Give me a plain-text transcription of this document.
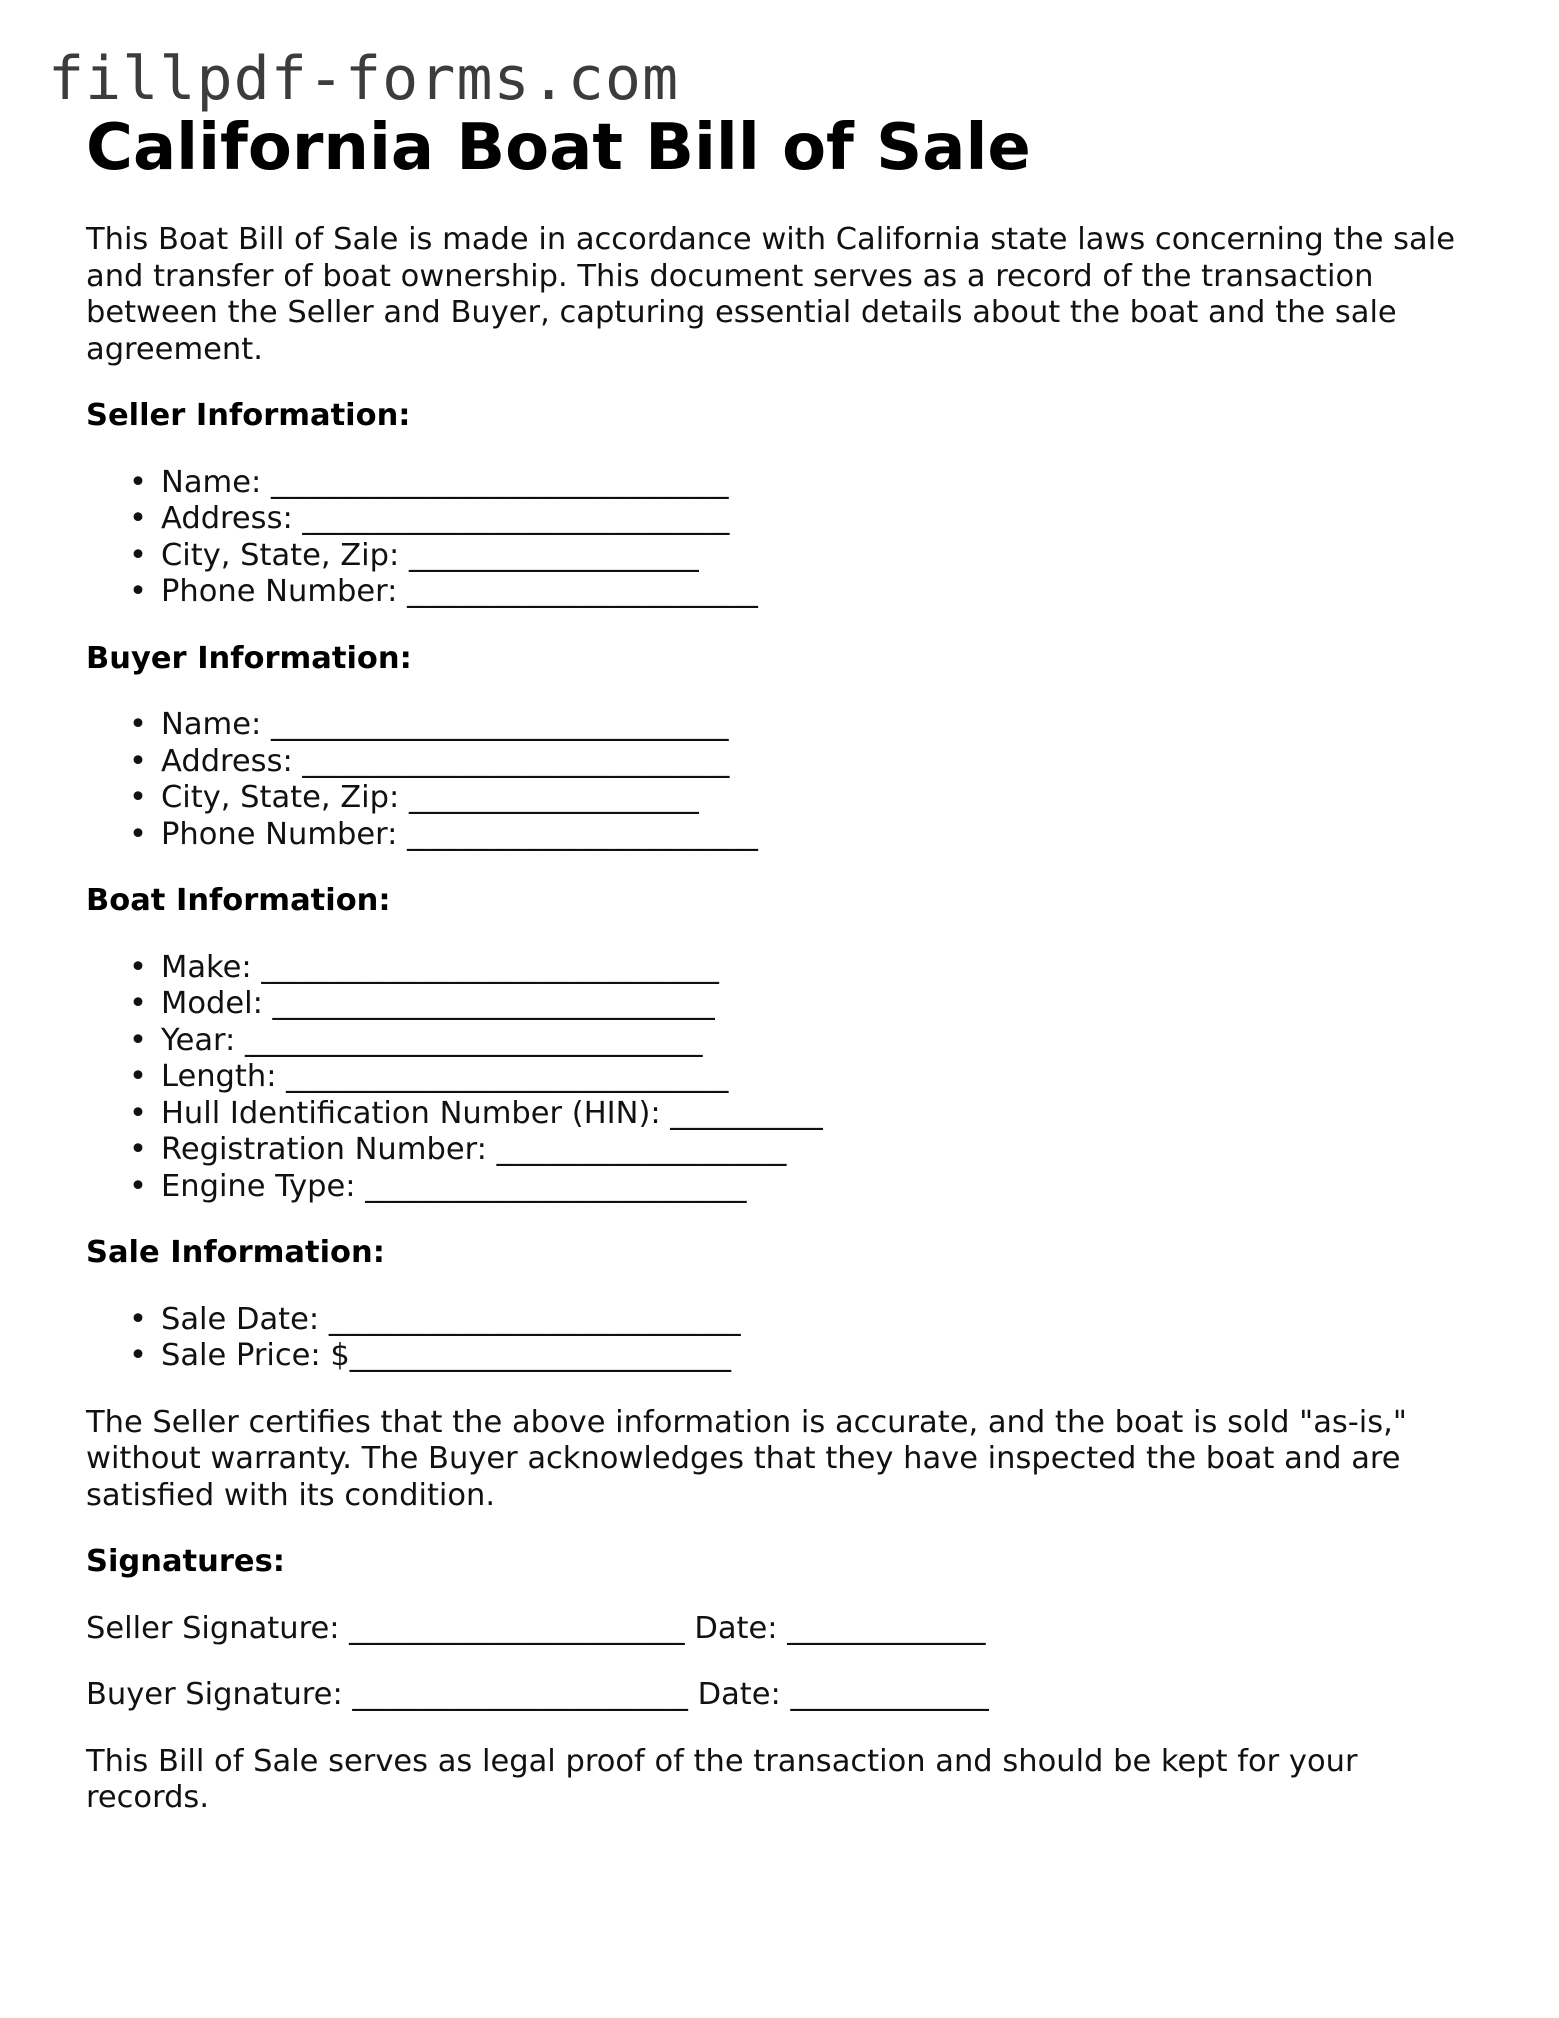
fillpdf-forms.com
California Boat Bill of Sale

This Boat Bill of Sale is made in accordance with California state laws concerning the sale and transfer of boat ownership. This document serves as a record of the transaction between the Seller and Buyer, capturing essential details about the boat and the sale agreement.

Seller Information:
• Name: ______________________________
• Address: ____________________________
• City, State, Zip: ___________________
• Phone Number: _______________________
Buyer Information:
• Name: ______________________________
• Address: ____________________________
• City, State, Zip: ___________________
• Phone Number: _______________________
Boat Information:
• Make: ______________________________
• Model: _____________________________
• Year: ______________________________
• Length: _____________________________
• Hull Identification Number (HIN): __________
• Registration Number: ___________________
• Engine Type: _________________________
Sale Information:
• Sale Date: ___________________________
• Sale Price: $_________________________

The Seller certifies that the above information is accurate, and the boat is sold "as-is," without warranty. The Buyer acknowledges that they have inspected the boat and are satisfied with its condition.

Signatures:

Seller Signature: ______________________ Date: _____________

Buyer Signature: ______________________ Date: _____________

This Bill of Sale serves as legal proof of the transaction and should be kept for your records.
